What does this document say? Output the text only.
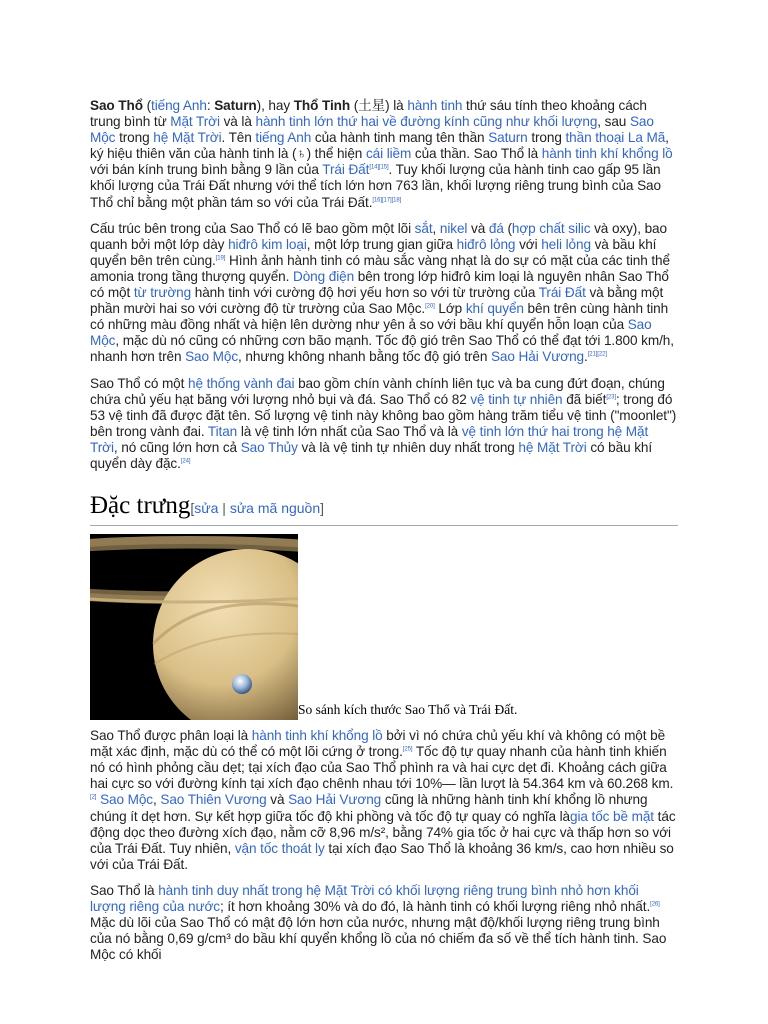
Sao Thổ (tiếng Anh: Saturn), hay Thổ Tinh (土星) là hành tinh thứ sáu tính theo khoảng cách trung bình từ Mặt Trời và là hành tinh lớn thứ hai về đường kính cũng như khối lượng, sau Sao Mộc trong hệ Mặt Trời. Tên tiếng Anh của hành tinh mang tên thần Saturn trong thần thoại La Mã, ký hiệu thiên văn của hành tinh là (♄) thể hiện cái liềm của thần. Sao Thổ là hành tinh khí khổng lồ với bán kính trung bình bằng 9 lần của Trái Đất[14][15]. Tuy khối lượng của hành tinh cao gấp 95 lần khối lượng của Trái Đất nhưng với thể tích lớn hơn 763 lần, khối lượng riêng trung bình của Sao Thổ chỉ bằng một phần tám so với của Trái Đất.[16][17][18]

Cấu trúc bên trong của Sao Thổ có lẽ bao gồm một lõi sắt, nikel và đá (hợp chất silic và oxy), bao quanh bởi một lớp dày hiđrô kim loại, một lớp trung gian giữa hiđrô lỏng với heli lỏng và bầu khí quyển bên trên cùng.[19] Hình ảnh hành tinh có màu sắc vàng nhạt là do sự có mặt của các tinh thể amonia trong tầng thượng quyển. Dòng điện bên trong lớp hiđrô kim loại là nguyên nhân Sao Thổ có một từ trường hành tinh với cường độ hơi yếu hơn so với từ trường của Trái Đất và bằng một phần mười hai so với cường độ từ trường của Sao Mộc.[20] Lớp khí quyển bên trên cùng hành tinh có những màu đồng nhất và hiện lên dường như yên ả so với bầu khí quyển hỗn loạn của Sao Mộc, mặc dù nó cũng có những cơn bão mạnh. Tốc độ gió trên Sao Thổ có thể đạt tới 1.800 km/h, nhanh hơn trên Sao Mộc, nhưng không nhanh bằng tốc độ gió trên Sao Hải Vương.[21][22]

Sao Thổ có một hệ thống vành đai bao gồm chín vành chính liên tục và ba cung đứt đoạn, chúng chứa chủ yếu hạt băng với lượng nhỏ bụi và đá. Sao Thổ có 82 vệ tinh tự nhiên đã biết[23]; trong đó 53 vệ tinh đã được đặt tên. Số lượng vệ tinh này không bao gồm hàng trăm tiểu vệ tinh ("moonlet") bên trong vành đai. Titan là vệ tinh lớn nhất của Sao Thổ và là vệ tinh lớn thứ hai trong hệ Mặt Trời, nó cũng lớn hơn cả Sao Thủy và là vệ tinh tự nhiên duy nhất trong hệ Mặt Trời có bầu khí quyển dày đặc.[24]

Đặc trưng[sửa | sửa mã nguồn]
So sánh kích thước Sao Thổ và Trái Đất.

Sao Thổ được phân loại là hành tinh khí khổng lồ bởi vì nó chứa chủ yếu khí và không có một bề mặt xác định, mặc dù có thể có một lõi cứng ở trong.[25] Tốc độ tự quay nhanh của hành tinh khiến nó có hình phỏng cầu dẹt; tại xích đạo của Sao Thổ phình ra và hai cực dẹt đi. Khoảng cách giữa hai cực so với đường kính tại xích đạo chênh nhau tới 10%— lần lượt là 54.364 km và 60.268 km.[2] Sao Mộc, Sao Thiên Vương và Sao Hải Vương cũng là những hành tinh khí khổng lồ nhưng chúng ít dẹt hơn. Sự kết hợp giữa tốc độ khi phồng và tốc độ tự quay có nghĩa làgia tốc bề mặt tác động dọc theo đường xích đạo, nằm cỡ 8,96 m/s², bằng 74% gia tốc ở hai cực và thấp hơn so với của Trái Đất. Tuy nhiên, vận tốc thoát ly tại xích đạo Sao Thổ là khoảng 36 km/s, cao hơn nhiều so với của Trái Đất.

Sao Thổ là hành tinh duy nhất trong hệ Mặt Trời có khối lượng riêng trung bình nhỏ hơn khối lượng riêng của nước; ít hơn khoảng 30% và do đó, là hành tinh có khối lượng riêng nhỏ nhất.[26] Mặc dù lõi của Sao Thổ có mật độ lớn hơn của nước, nhưng mật độ/khối lượng riêng trung bình của nó bằng 0,69 g/cm³ do bầu khí quyển khổng lồ của nó chiếm đa số về thể tích hành tinh. Sao Mộc có khối
